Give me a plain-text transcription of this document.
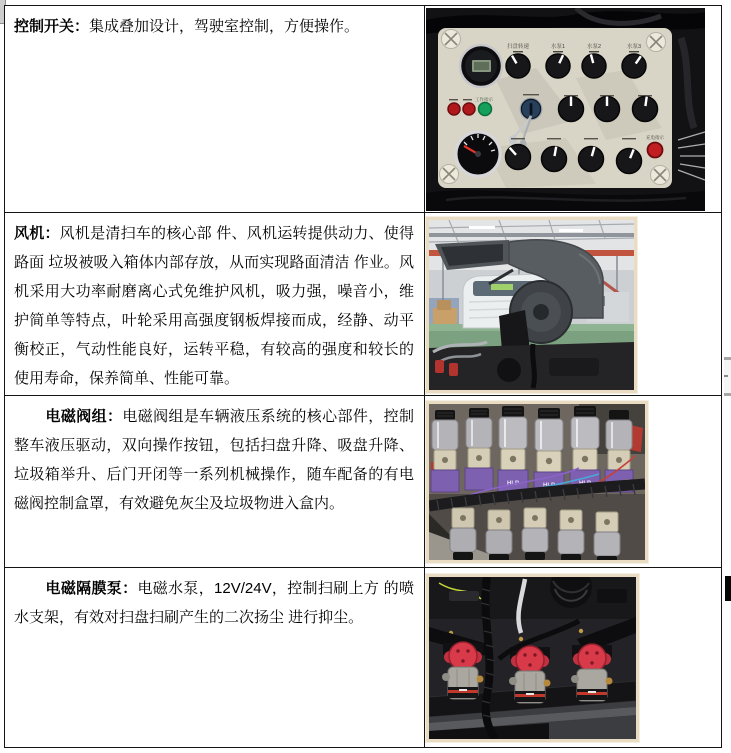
控制开关：集成叠加设计，驾驶室控制，方便操作。

扫盘转速	水泵1	水泵2	水泵3
工作指示
充电指示

风机：风机是清扫车的核心部 件、风机运转提供动力、使得路面 垃圾被吸入箱体内部存放，从而实现路面清洁 作业。风机采用大功率耐磨离心式免维护风机，吸力强，噪音小，维护简单等特点，叶轮采用高强度钢板焊接而成，经静、动平衡校正，气动性能良好，运转平稳，有较高的强度和较长的使用寿命，保养简单、性能可靠。

电磁阀组：电磁阀组是车辆液压系统的核心部件，控制整车液压驱动，双向操作按钮，包括扫盘升降、吸盘升降、垃圾箱举升、后门开闭等一系列机械操作，随车配备的有电磁阀控制盒罩，有效避免灰尘及垃圾物进入盒内。

HLP	HLP	HLP

电磁隔膜泵：电磁水泵，12V/24V，控制扫刷上方 的喷水支架，有效对扫盘扫刷产生的二次扬尘 进行抑尘。
